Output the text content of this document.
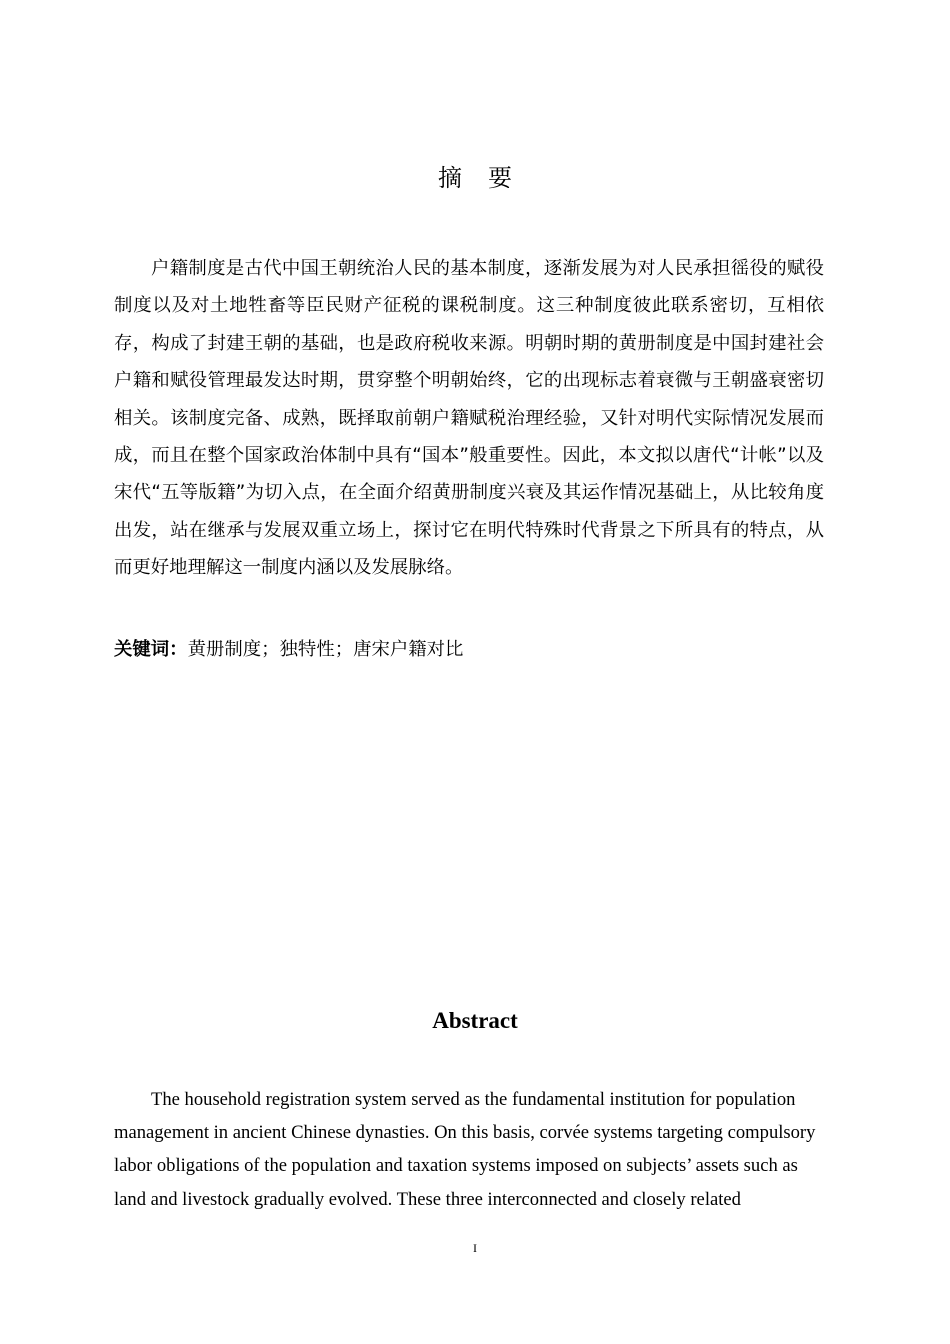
摘要

户籍制度是古代中国王朝统治人民的基本制度，逐渐发展为对人民承担徭役的赋役制度以及对土地牲畜等臣民财产征税的课税制度。这三种制度彼此联系密切，互相依存，构成了封建王朝的基础，也是政府税收来源。明朝时期的黄册制度是中国封建社会户籍和赋役管理最发达时期，贯穿整个明朝始终，它的出现标志着衰微与王朝盛衰密切相关。该制度完备、成熟，既择取前朝户籍赋税治理经验，又针对明代实际情况发展而成，而且在整个国家政治体制中具有“国本”般重要性。因此，本文拟以唐代“计帐”以及宋代“五等版籍”为切入点，在全面介绍黄册制度兴衰及其运作情况基础上，从比较角度出发，站在继承与发展双重立场上，探讨它在明代特殊时代背景之下所具有的特点，从而更好地理解这一制度内涵以及发展脉络。

关键词：黄册制度；独特性；唐宋户籍对比

Abstract

The household registration system served as the fundamental institution for population
management in ancient Chinese dynasties. On this basis, corvée systems targeting compulsory
labor obligations of the population and taxation systems imposed on subjects’ assets such as
land and livestock gradually evolved. These three interconnected and closely related

I
